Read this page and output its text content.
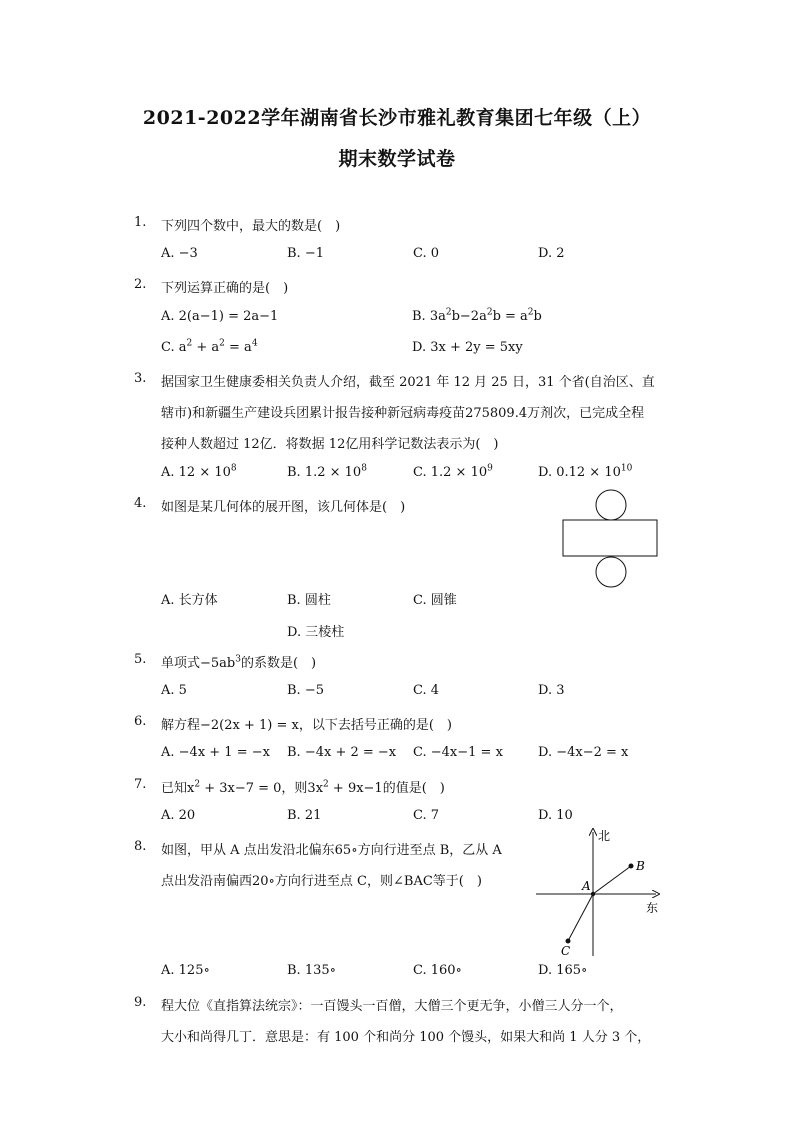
2021-2022学年湖南省长沙市雅礼教育集团七年级（上）
期末数学试卷
1. 下列四个数中，最大的数是(　)
A. −3	B. −1	C. 0	D. 2
2. 下列运算正确的是(　)
A. 2(a−1) = 2a−1	B. $3a^2b-2a^2b = a^2b$
C. $a^2 + a^2 = a^4$	D. 3x + 2y = 5xy
3. 据国家卫生健康委相关负责人介绍，截至 2021 年 12 月 25 日，31 个省(自治区、直
辖市)和新疆生产建设兵团累计报告接种新冠病毒疫苗275809.4万剂次，已完成全程
接种人数超过 12亿．将数据 12亿用科学记数法表示为(　)
A. $12 \times 10^8$	B. $1.2 \times 10^8$	C. $1.2 \times 10^9$	D. $0.12 \times 10^{10}$
4. 如图是某几何体的展开图，该几何体是(　)
A. 长方体	B. 圆柱	C. 圆锥
D. 三棱柱
5. 单项式$-5ab^3$的系数是(　)
A. 5	B. −5	C. 4	D. 3
6. 解方程−2(2x + 1) = x，以下去括号正确的是(　)
A. −4x + 1 = −x B. −4x + 2 = −x C. −4x−1 = x	D. −4x−2 = x
7. 已知$x^2 + 3x-7 = 0$，则$3x^2 + 9x-1$的值是(　)
A. 20	B. 21	C. 7	D. 10
8. 如图，甲从 A 点出发沿北偏东65∘方向行进至点 B，乙从 A
点出发沿南偏西20∘方向行进至点 C，则∠BAC等于(　)
北
东
A
B
C
A. 125∘	B. 135∘	C. 160∘	D. 165∘
9. 程大位《直指算法统宗》：一百馒头一百僧，大僧三个更无争，小僧三人分一个，
大小和尚得几丁．意思是：有 100 个和尚分 100 个馒头，如果大和尚 1 人分 3 个，
